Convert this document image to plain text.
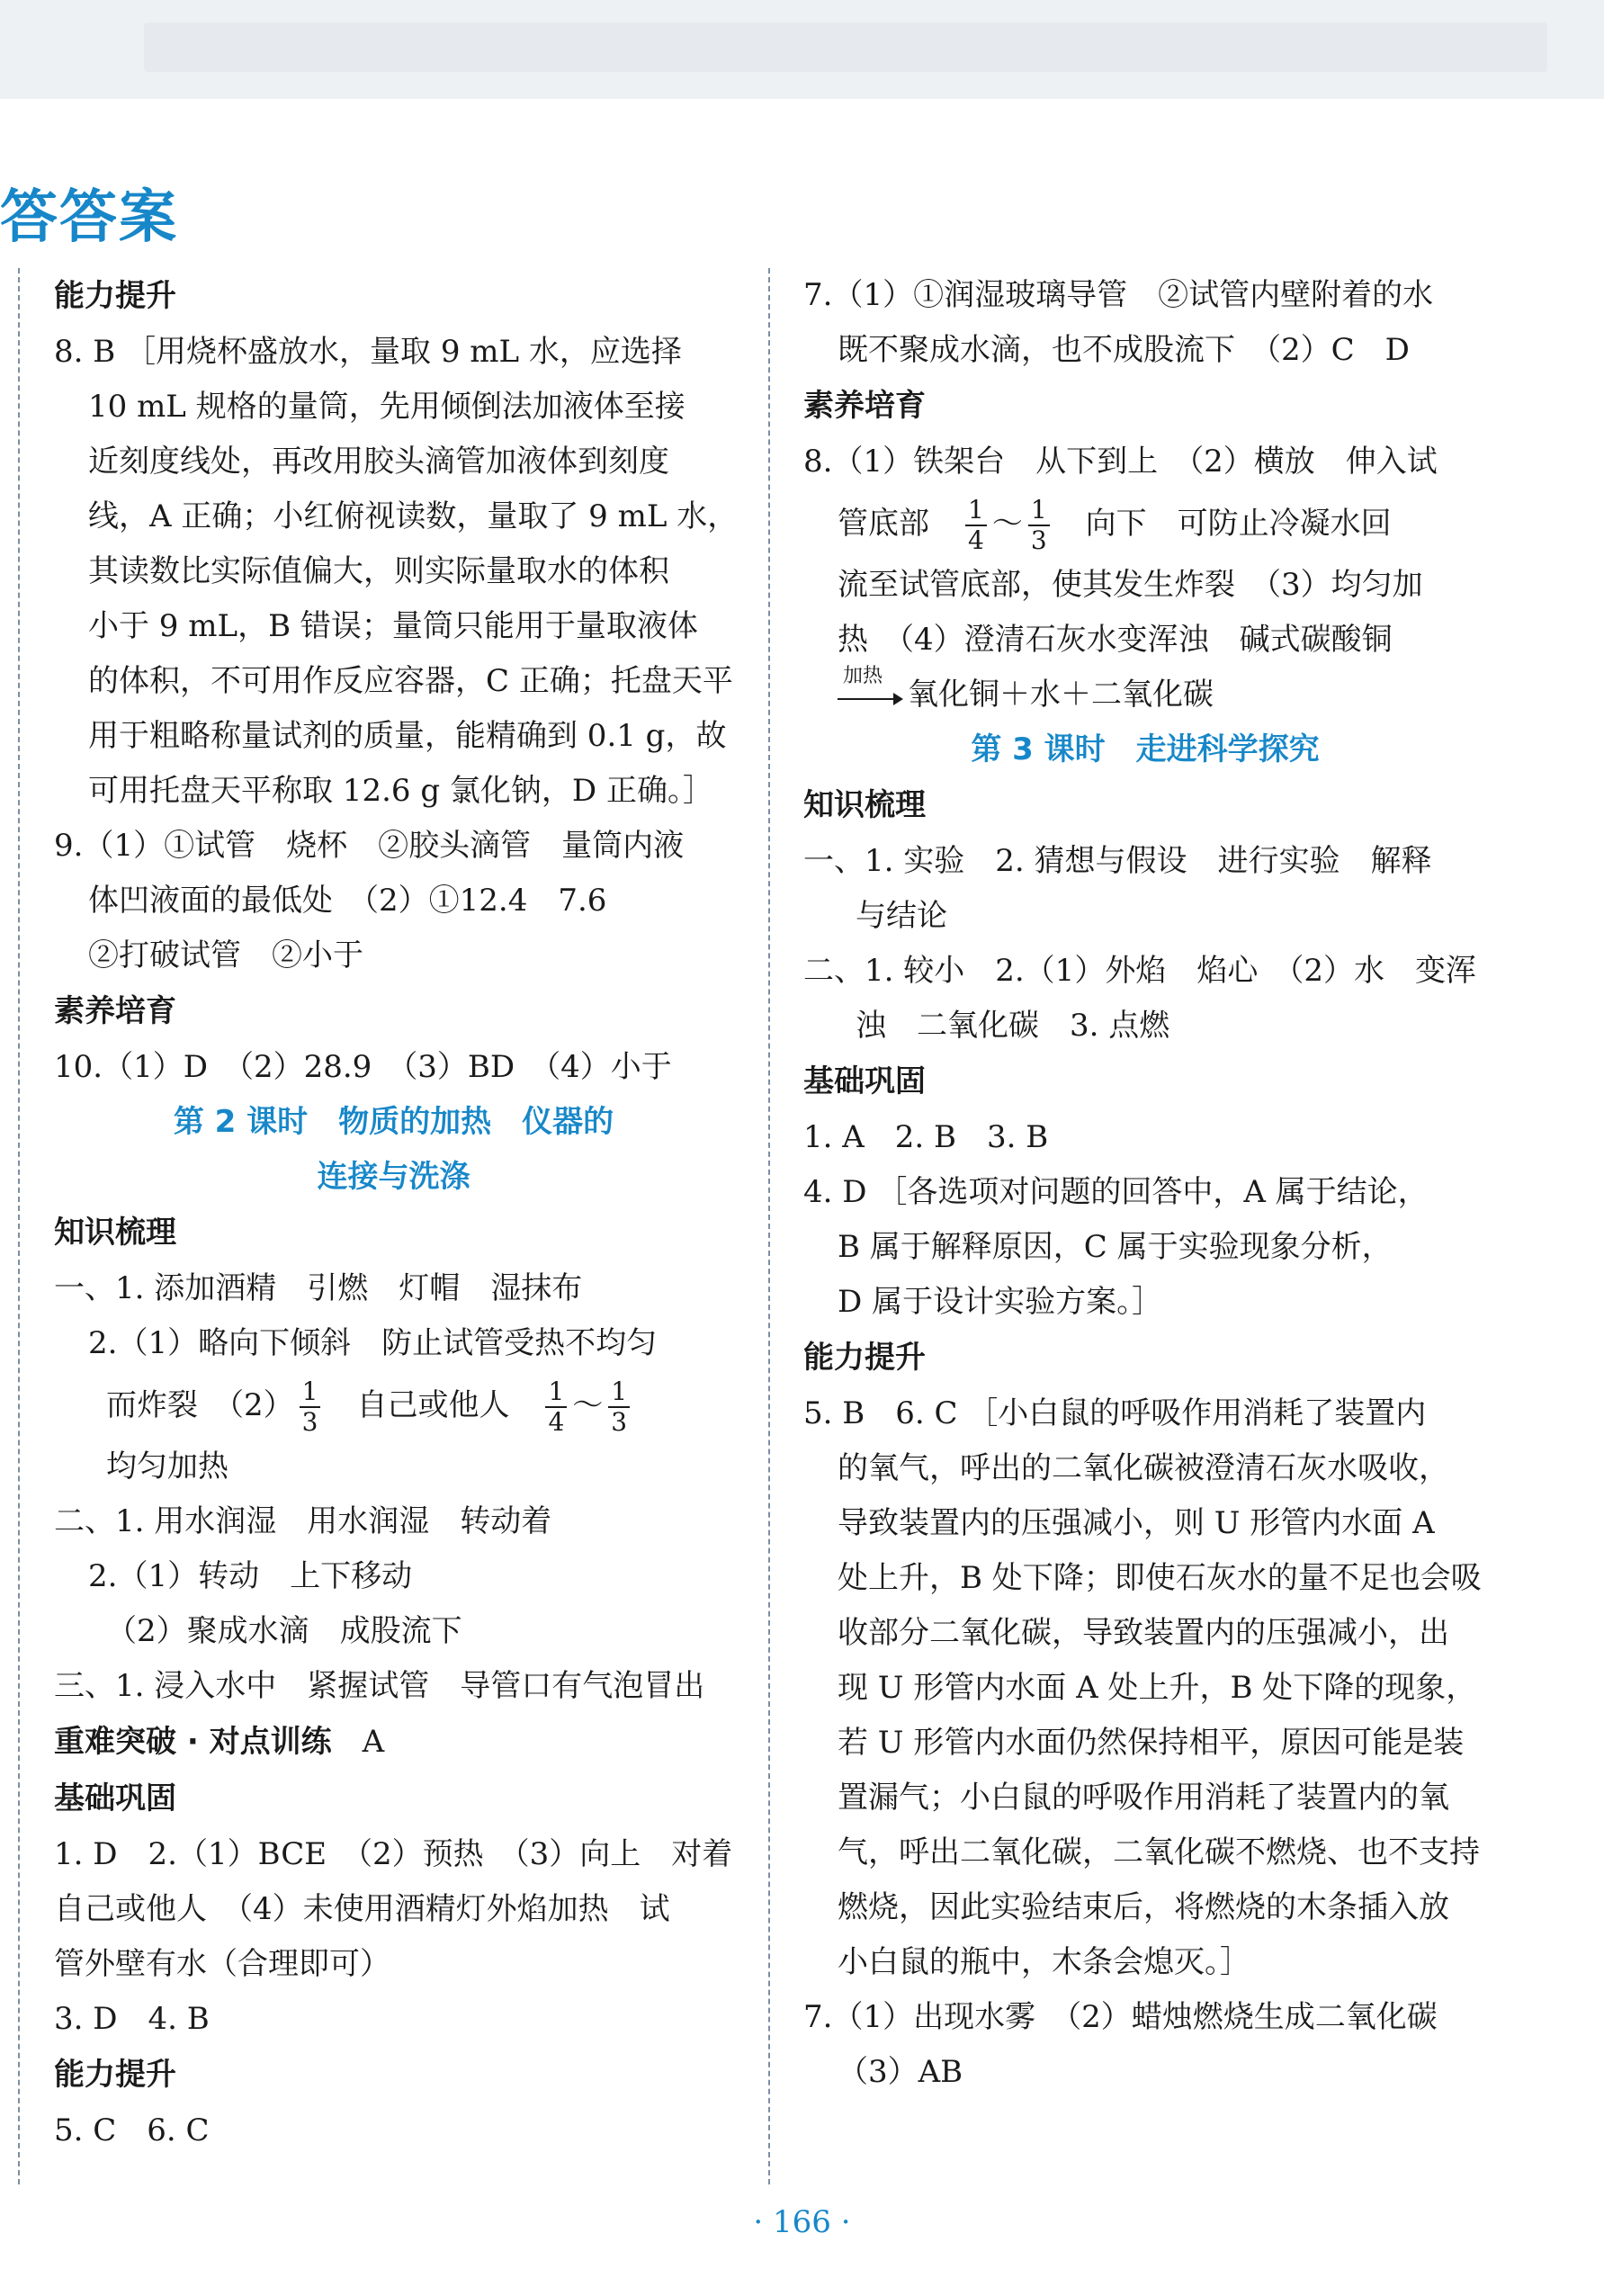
答答案
能力提升
8. B ［用烧杯盛放水，量取 9 mL 水，应选择
10 mL 规格的量筒，先用倾倒法加液体至接
近刻度线处，再改用胶头滴管加液体到刻度
线，A 正确；小红俯视读数，量取了 9 mL 水，
其读数比实际值偏大，则实际量取水的体积
小于 9 mL，B 错误；量筒只能用于量取液体
的体积，不可用作反应容器，C 正确；托盘天平
用于粗略称量试剂的质量，能精确到 0.1 g，故
可用托盘天平称取 12.6 g 氯化钠，D 正确。］
9.（1）①试管　烧杯　②胶头滴管　量筒内液
体凹液面的最低处　（2）①12.4　7.6
②打破试管　②小于
素养培育
10.（1）D　（2）28.9　（3）BD　（4）小于
第 2 课时　物质的加热　仪器的
连接与洗涤
知识梳理
一、1. 添加酒精　引燃　灯帽　湿抹布
2.（1）略向下倾斜　防止试管受热不均匀
而炸裂　$(2) \frac{1}{3}$ 　自己或他人　 $\frac{1}{4}$ ～ $\frac{1}{3}$
均匀加热
二、1. 用水润湿　用水润湿　转动着
2.（1）转动　上下移动
（2）聚成水滴　成股流下
三、1. 浸入水中　紧握试管　导管口有气泡冒出
重难突破 · 对点训练　 A
基础巩固
1. D　2.（1）BCE　（2）预热　（3）向上　对着
自己或他人　（4）未使用酒精灯外焰加热　试
管外壁有水（合理即可）
3. D　4. B
能力提升
5. C　6. C
7.（1）①润湿玻璃导管　②试管内壁附着的水
既不聚成水滴，也不成股流下　（2）C　D
素养培育
8.（1）铁架台　从下到上　（2）横放　伸入试
管底部　 $\frac{1}{4}$ ～ $\frac{1}{3}$ 　向下　可防止冷凝水回
流至试管底部，使其发生炸裂　（3）均匀加
热　（4）澄清石灰水变浑浊　碱式碳酸铜
加热
氧化铜＋水＋二氧化碳
第 3 课时　走进科学探究
知识梳理
一、1. 实验　2. 猜想与假设　进行实验　解释
与结论
二、1. 较小　2.（1）外焰　焰心　（2）水　变浑
浊　二氧化碳　3. 点燃
基础巩固
1. A　2. B　3. B
4. D ［各选项对问题的回答中，A 属于结论，
B 属于解释原因，C 属于实验现象分析，
D 属于设计实验方案。］
能力提升
5. B　6. C ［小白鼠的呼吸作用消耗了装置内
的氧气，呼出的二氧化碳被澄清石灰水吸收，
导致装置内的压强减小，则 U 形管内水面 A
处上升，B 处下降；即使石灰水的量不足也会吸
收部分二氧化碳，导致装置内的压强减小，出
现 U 形管内水面 A 处上升，B 处下降的现象，
若 U 形管内水面仍然保持相平，原因可能是装
置漏气；小白鼠的呼吸作用消耗了装置内的氧
气，呼出二氧化碳，二氧化碳不燃烧、也不支持
燃烧，因此实验结束后，将燃烧的木条插入放
小白鼠的瓶中，木条会熄灭。］
7.（1）出现水雾　（2）蜡烛燃烧生成二氧化碳
（3）AB
· 166 ·
